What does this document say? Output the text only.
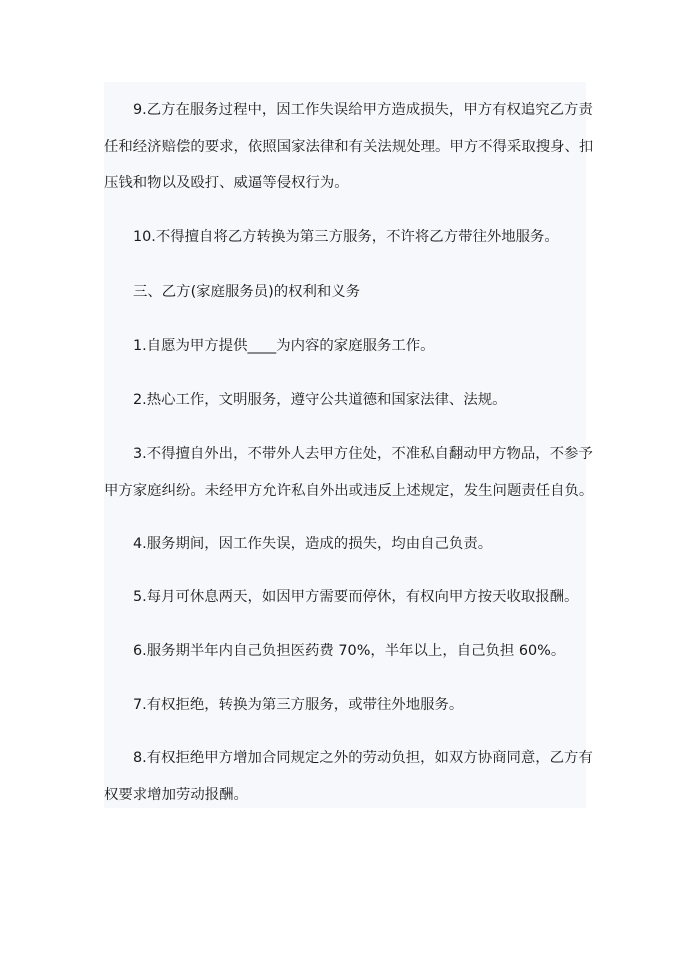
9.乙方在服务过程中，因工作失误给甲方造成损失，甲方有权追究乙方责
任和经济赔偿的要求，依照国家法律和有关法规处理。甲方不得采取搜身、扣
压钱和物以及殴打、威逼等侵权行为。

10.不得擅自将乙方转换为第三方服务，不许将乙方带往外地服务。

三、乙方(家庭服务员)的权利和义务

1.自愿为甲方提供____为内容的家庭服务工作。

2.热心工作，文明服务，遵守公共道德和国家法律、法规。

3.不得擅自外出，不带外人去甲方住处，不准私自翻动甲方物品，不参予
甲方家庭纠纷。未经甲方允许私自外出或违反上述规定，发生问题责任自负。

4.服务期间，因工作失误，造成的损失，均由自己负责。

5.每月可休息两天，如因甲方需要而停休，有权向甲方按天收取报酬。

6.服务期半年内自己负担医药费 70%，半年以上，自己负担 60%。

7.有权拒绝，转换为第三方服务，或带往外地服务。

8.有权拒绝甲方增加合同规定之外的劳动负担，如双方协商同意，乙方有
权要求增加劳动报酬。
